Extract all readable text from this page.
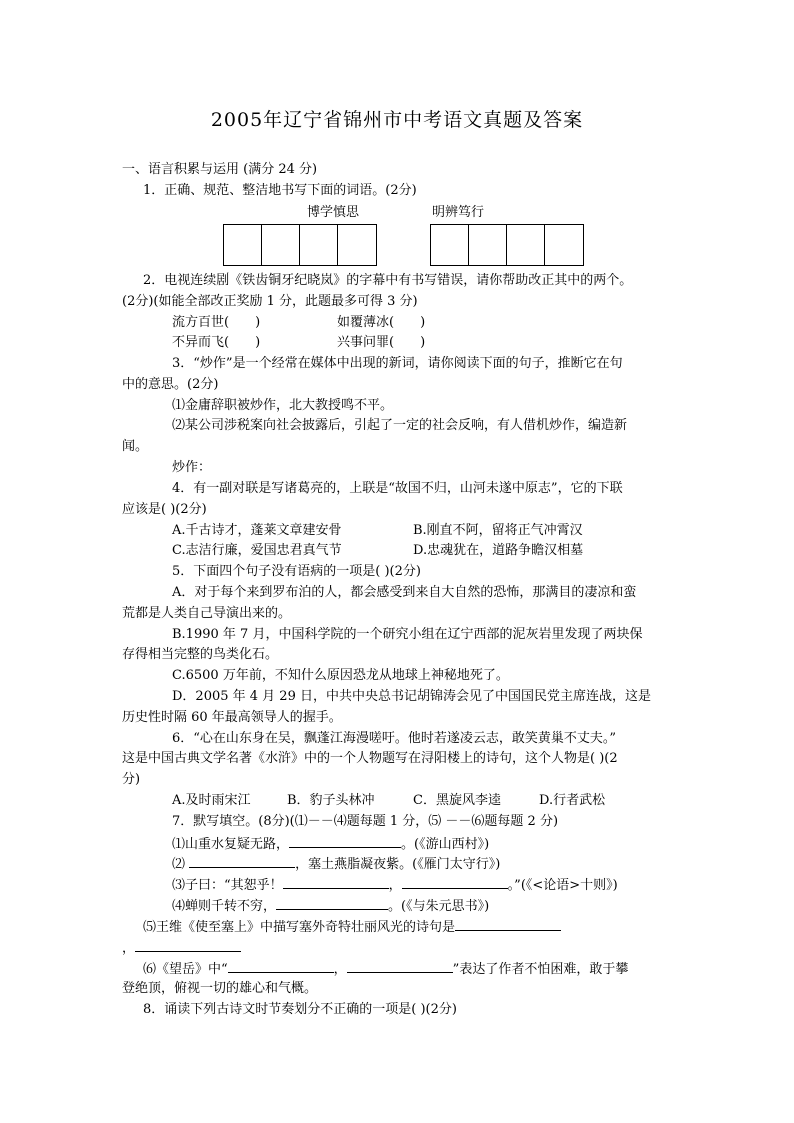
2005年辽宁省锦州市中考语文真题及答案
一、语言积累与运用 (满分 24 分)
1．正确、规范、整洁地书写下面的词语。(2分)
博学慎思	明辨笃行
2．电视连续剧《铁齿铜牙纪晓岚》的字幕中有书写错误，请你帮助改正其中的两个。
(2分)(如能全部改正奖励 1 分，此题最多可得 3 分)
流方百世(　　)	如覆薄冰(　　)
不异而飞(　　)	兴事问罪(　　)
3．“炒作”是一个经常在媒体中出现的新词，请你阅读下面的句子，推断它在句
中的意思。(2分)
⑴金庸辞职被炒作，北大教授鸣不平。
⑵某公司涉税案向社会披露后，引起了一定的社会反响，有人借机炒作，编造新
闻。
炒作：
4．有一副对联是写诸葛亮的，上联是“故国不归，山河未遂中原志”，它的下联
应该是( )(2分)
A.千古诗才，蓬莱文章建安骨	B.刚直不阿，留将正气冲霄汉
C.志洁行廉，爱国忠君真气节	D.忠魂犹在，道路争瞻汉相墓
5．下面四个句子没有语病的一项是( )(2分)
A．对于每个来到罗布泊的人，都会感受到来自大自然的恐怖，那满目的凄凉和蛮
荒都是人类自己导演出来的。
B.1990 年 7 月，中国科学院的一个研究小组在辽宁西部的泥灰岩里发现了两块保
存得相当完整的鸟类化石。
C.6500 万年前，不知什么原因恐龙从地球上神秘地死了。
D．2005 年 4 月 29 日，中共中央总书记胡锦涛会见了中国国民党主席连战，这是
历史性时隔 60 年最高领导人的握手。
6．“心在山东身在吴，飘蓬江海漫嗟吁。他时若遂凌云志，敢笑黄巢不丈夫。”
这是中国古典文学名著《水浒》中的一个人物题写在浔阳楼上的诗句，这个人物是( )(2
分)
A.及时雨宋江	B．豹子头林冲	C．黑旋风李逵	D.行者武松
7．默写填空。(8分)(⑴－－⑷题每题 1 分，⑸ －－⑹题每题 2 分)
⑴山重水复疑无路，	。(《游山西村》)
⑵	，塞土燕脂凝夜紫。(《雁门太守行》)
⑶子曰：“其恕乎！	，	。”(《<论语>十则》)
⑷蝉则千转不穷，	。(《与朱元思书》)
⑸王维《使至塞上》中描写塞外奇特壮丽风光的诗句是
，
⑹《望岳》中“	，	”表达了作者不怕困难，敢于攀
登绝顶，俯视一切的雄心和气概。
8．诵读下列古诗文时节奏划分不正确的一项是( )(2分)
